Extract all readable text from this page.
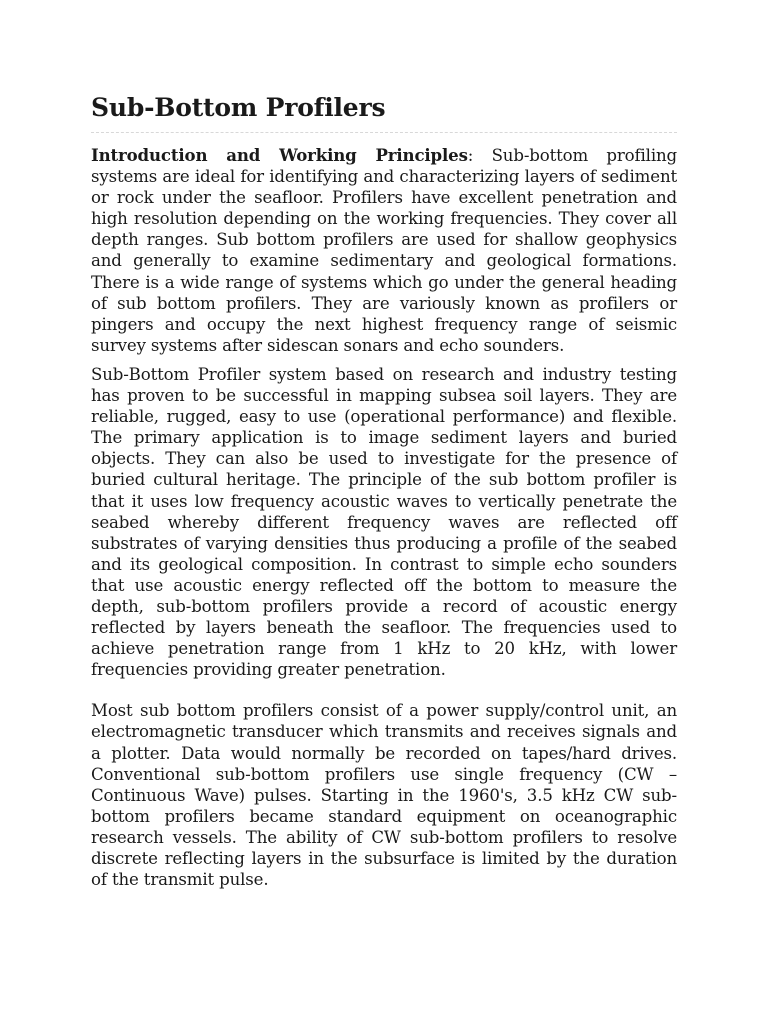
Sub-Bottom Profilers

Introduction and Working Principles: Sub-bottom profiling systems are ideal for identifying and characterizing layers of sediment or rock under the seafloor. Profilers have excellent penetration and high resolution depending on the working frequencies. They cover all depth ranges. Sub bottom profilers are used for shallow geophysics and generally to examine sedimentary and geological formations. There is a wide range of systems which go under the general heading of sub bottom profilers. They are variously known as profilers or pingers and occupy the next highest frequency range of seismic survey systems after sidescan sonars and echo sounders.

Sub-Bottom Profiler system based on research and industry testing has proven to be successful in mapping subsea soil layers. They are reliable, rugged, easy to use (operational performance) and flexible. The primary application is to image sediment layers and buried objects. They can also be used to investigate for the presence of buried cultural heritage. The principle of the sub bottom profiler is that it uses low frequency acoustic waves to vertically penetrate the seabed whereby different frequency waves are reflected off substrates of varying densities thus producing a profile of the seabed and its geological composition. In contrast to simple echo sounders that use acoustic energy reflected off the bottom to measure the depth, sub-bottom profilers provide a record of acoustic energy reflected by layers beneath the seafloor. The frequencies used to achieve penetration range from 1 kHz to 20 kHz, with lower frequencies providing greater penetration.

Most sub bottom profilers consist of a power supply/control unit, an electromagnetic transducer which transmits and receives signals and a plotter. Data would normally be recorded on tapes/hard drives. Conventional sub-bottom profilers use single frequency (CW – Continuous Wave) pulses. Starting in the 1960's, 3.5 kHz CW sub-bottom profilers became standard equipment on oceanographic research vessels. The ability of CW sub-bottom profilers to resolve discrete reflecting layers in the subsurface is limited by the duration of the transmit pulse.
